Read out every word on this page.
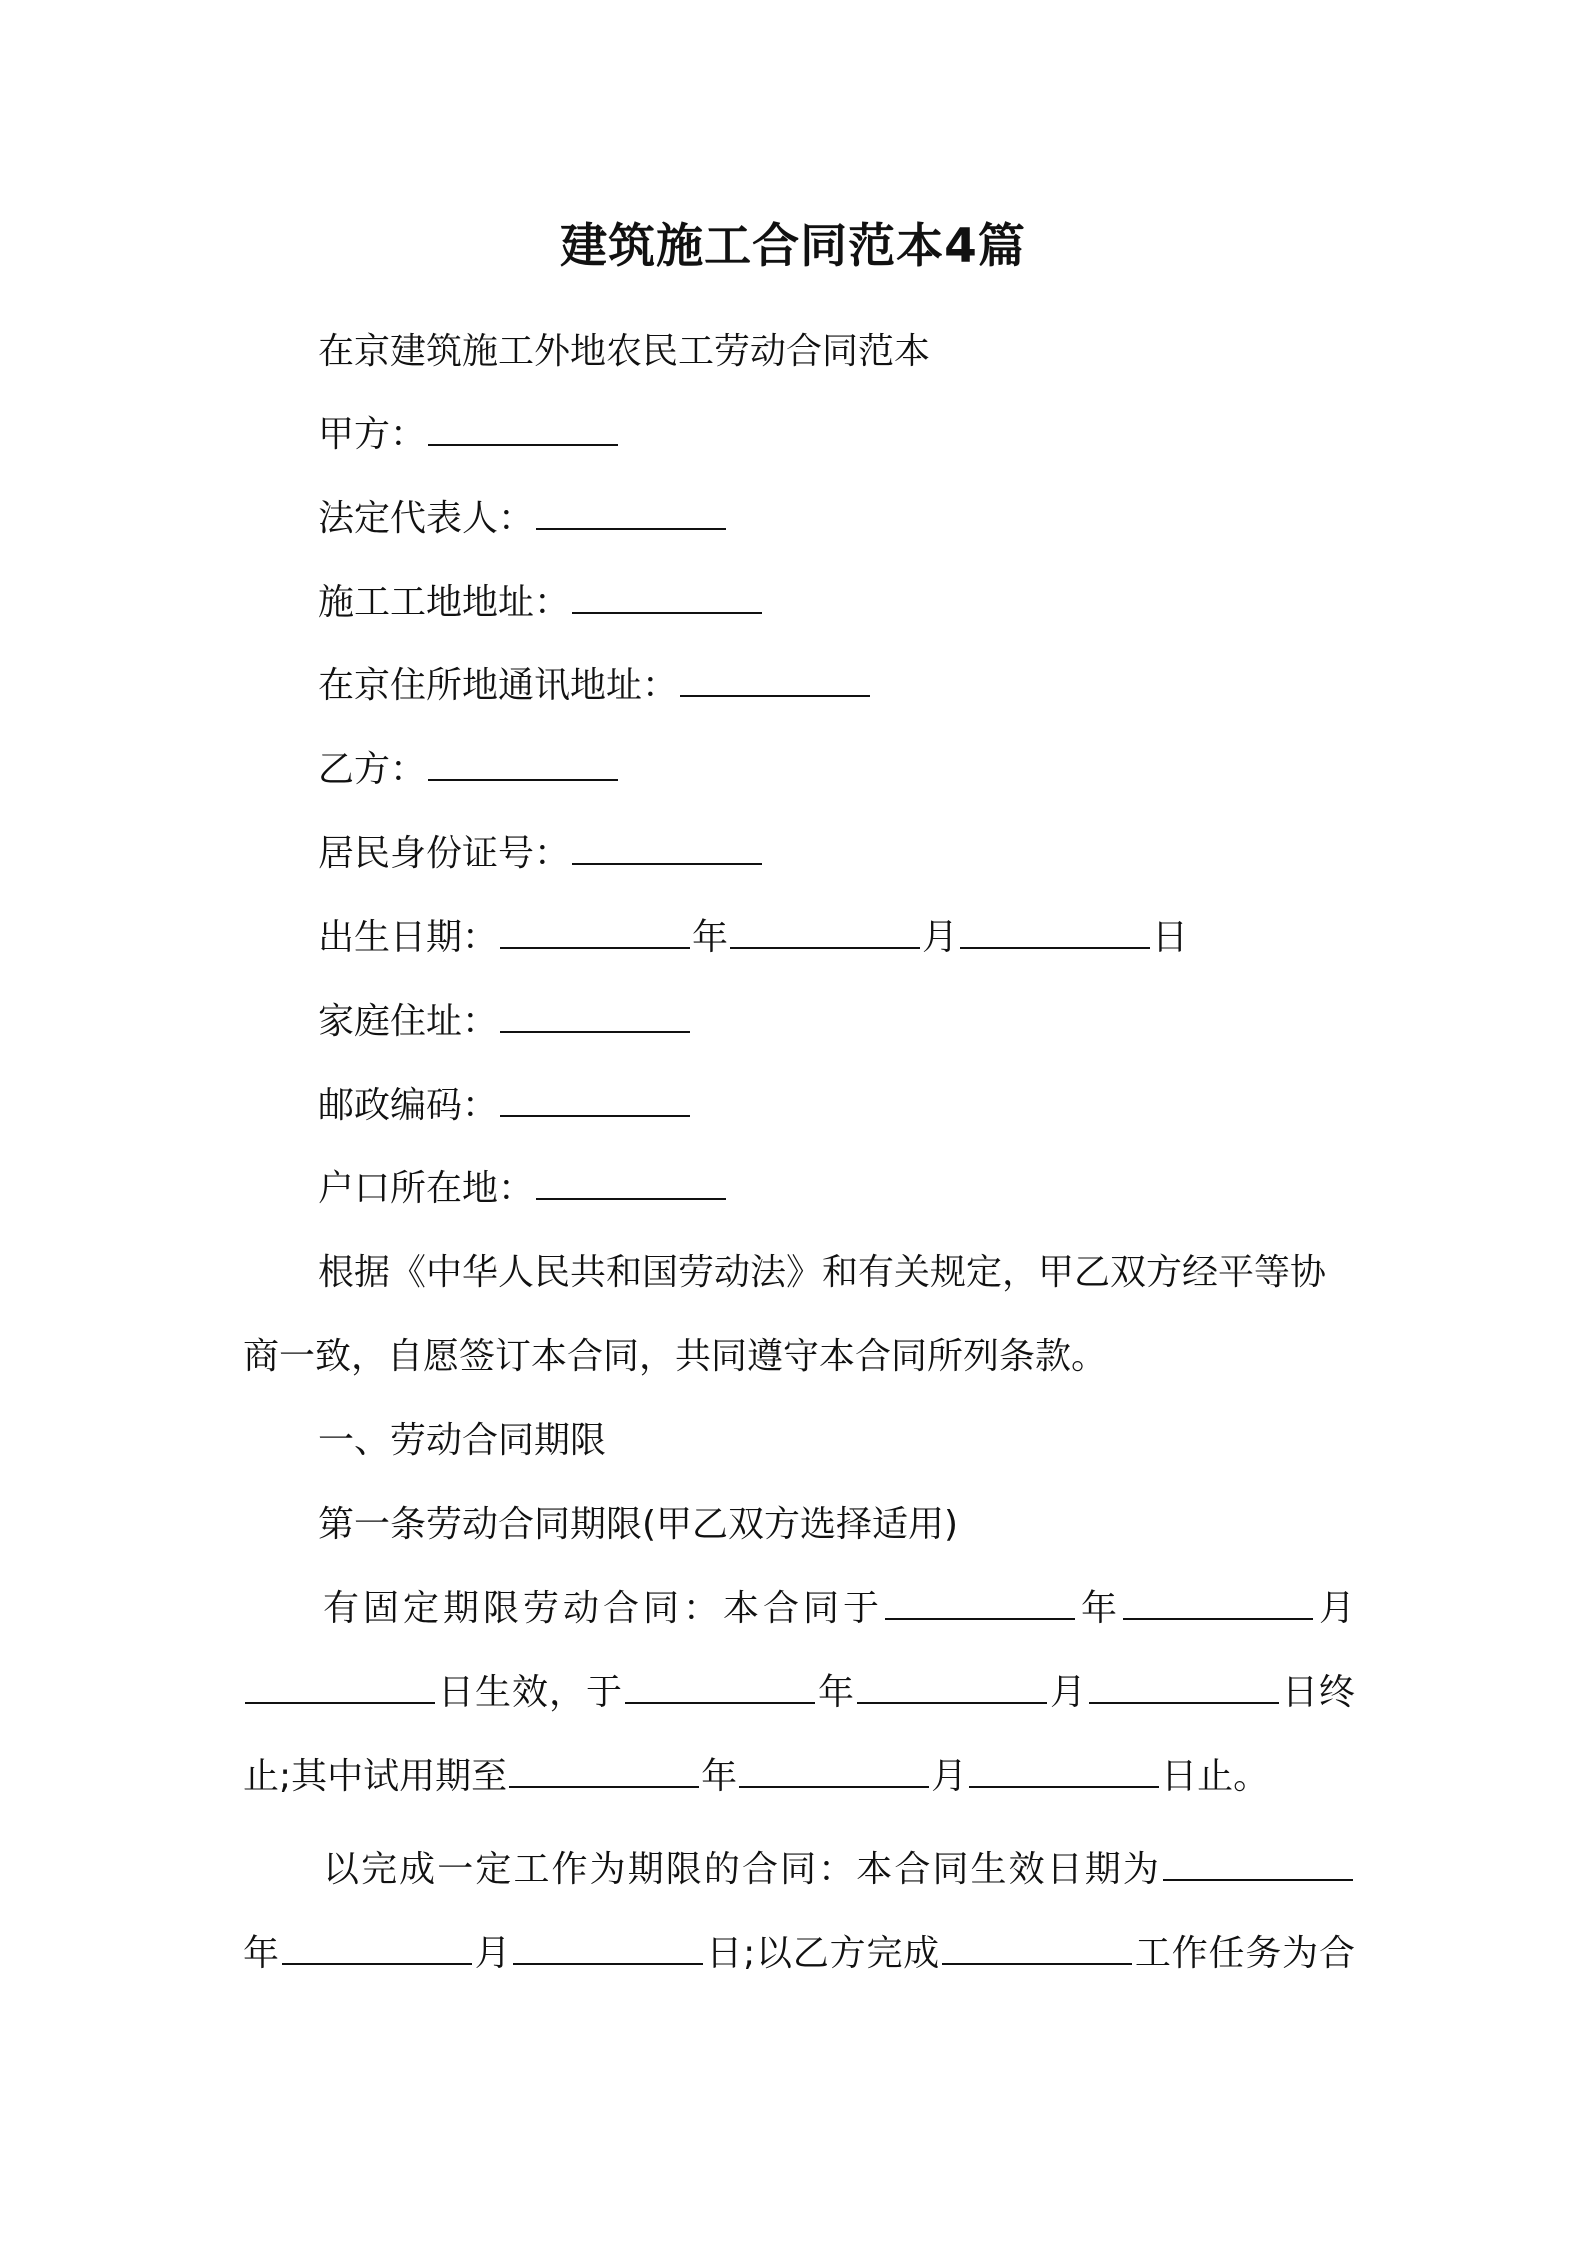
建筑施工合同范本4篇
在京建筑施工外地农民工劳动合同范本
甲方：
法定代表人：
施工工地地址：
在京住所地通讯地址：
乙方：
居民身份证号：
出生日期：	年	月	日
家庭住址：
邮政编码：
户口所在地：
根据《中华人民共和国劳动法》和有关规定，甲乙双方经平等协
商一致，自愿签订本合同，共同遵守本合同所列条款。
一、劳动合同期限
第一条劳动合同期限(甲乙双方选择适用)
有固定期限劳动合同：本合同于	年	月
日生效，于	年	月	日终
止;其中试用期至	年	月	日止。
以完成一定工作为期限的合同：本合同生效日期为
年	月	日;以乙方完成	工作任务为合
